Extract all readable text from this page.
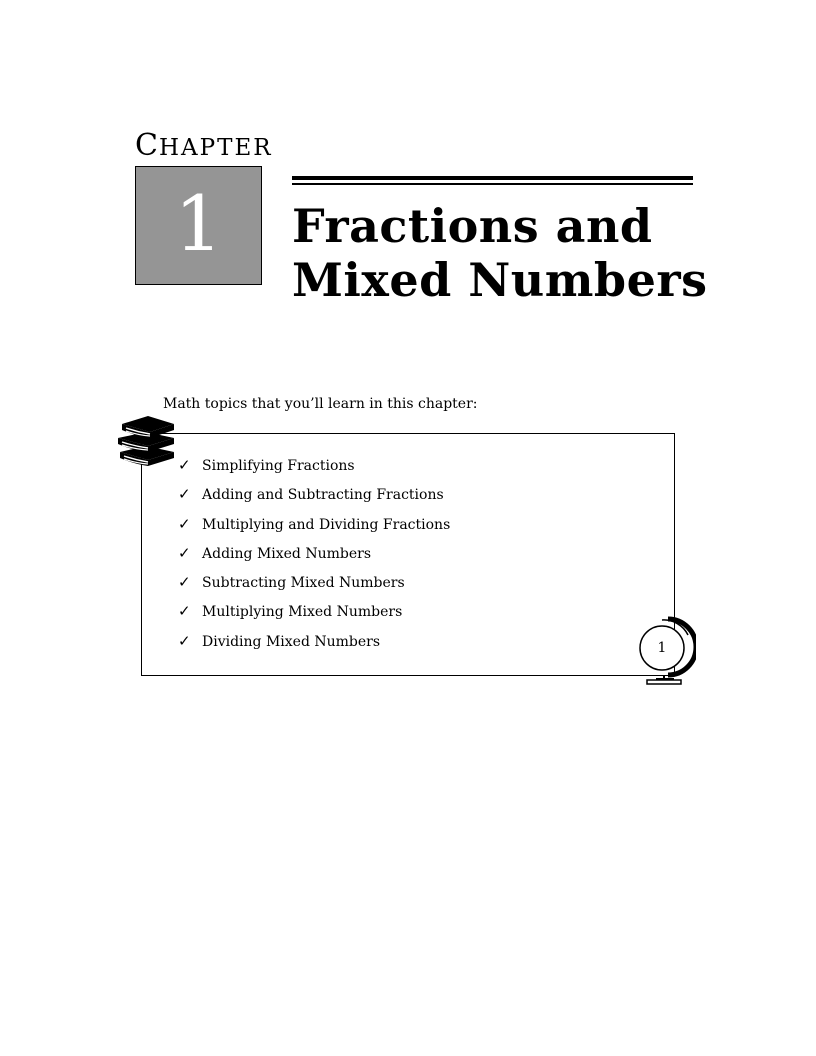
CHAPTER

1	Fractions and
Mixed Numbers

Math topics that you’ll learn in this chapter:

✓ Simplifying Fractions
✓ Adding and Subtracting Fractions
✓ Multiplying and Dividing Fractions
✓ Adding Mixed Numbers
✓ Subtracting Mixed Numbers
✓ Multiplying Mixed Numbers
✓ Dividing Mixed Numbers	1
